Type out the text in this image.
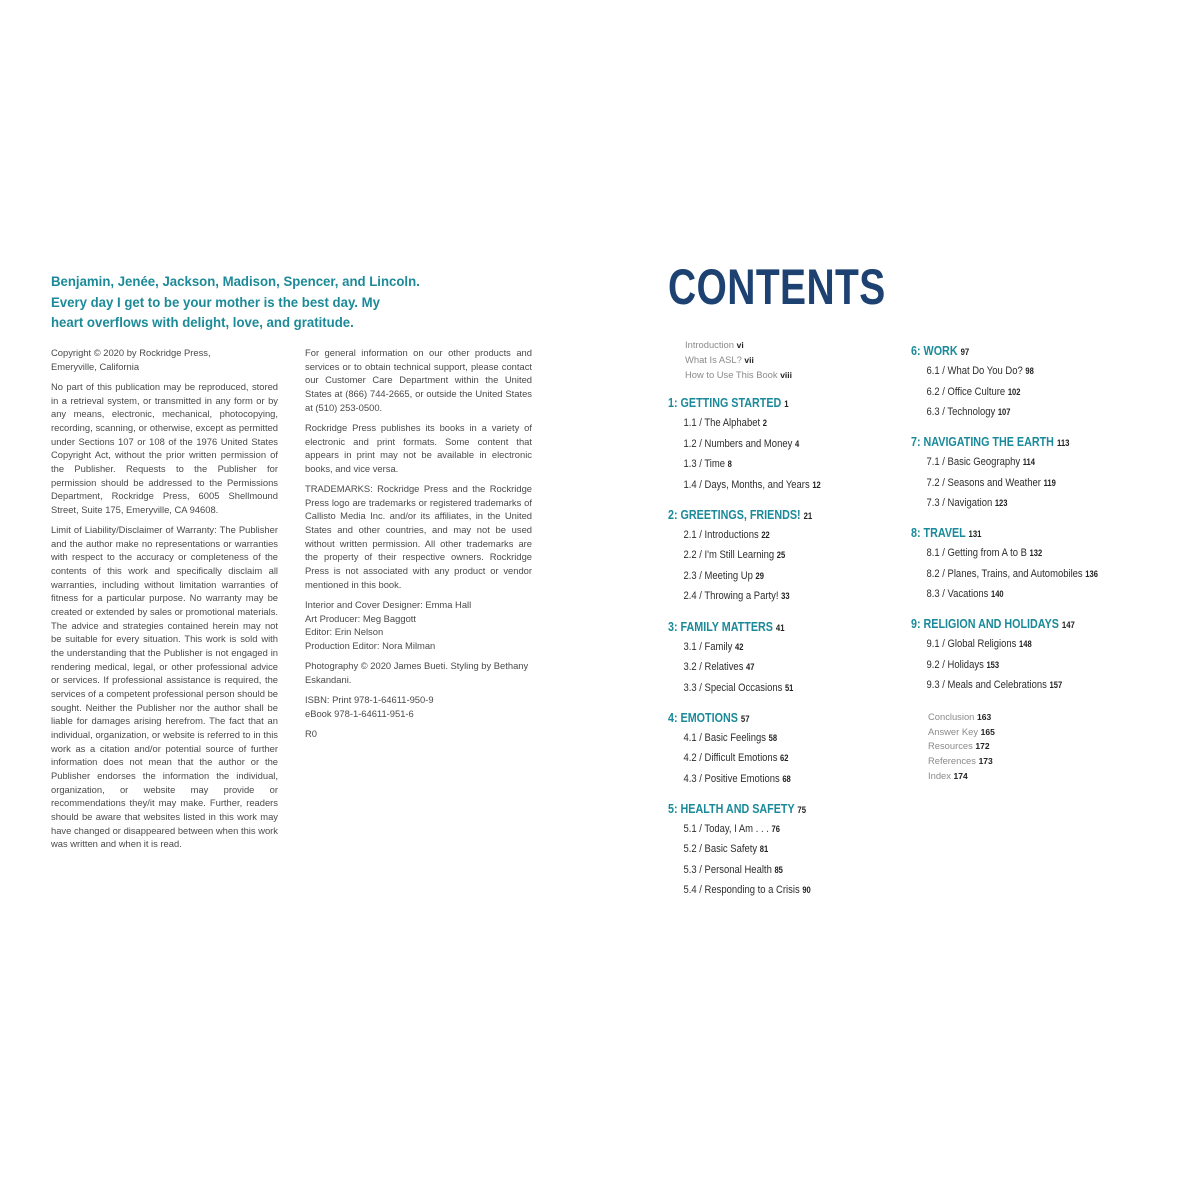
Benjamin, Jenée, Jackson, Madison, Spencer, and Lincoln.
Every day I get to be your mother is the best day. My
heart overflows with delight, love, and gratitude.

Copyright © 2020 by Rockridge Press, Emeryville, California

No part of this publication may be reproduced, stored in a retrieval system, or transmitted in any form or by any means, electronic, mechanical, photocopying, recording, scanning, or otherwise, except as permitted under Sections 107 or 108 of the 1976 United States Copyright Act, without the prior written permission of the Publisher. Requests to the Publisher for permission should be addressed to the Permissions Department, Rockridge Press, 6005 Shellmound Street, Suite 175, Emeryville, CA 94608.

Limit of Liability/Disclaimer of Warranty: The Publisher and the author make no representations or warranties with respect to the accuracy or completeness of the contents of this work and specifically disclaim all warranties, including without limitation warranties of fitness for a particular purpose. No warranty may be created or extended by sales or promotional materials. The advice and strategies contained herein may not be suitable for every situation. This work is sold with the understanding that the Publisher is not engaged in rendering medical, legal, or other professional advice or services. If professional assistance is required, the services of a competent professional person should be sought. Neither the Publisher nor the author shall be liable for damages arising herefrom. The fact that an individual, organization, or website is referred to in this work as a citation and/or potential source of further information does not mean that the author or the Publisher endorses the information the individual, organization, or website may provide or recommendations they/it may make. Further, readers should be aware that websites listed in this work may have changed or disappeared between when this work was written and when it is read.

For general information on our other products and services or to obtain technical support, please contact our Customer Care Department within the United States at (866) 744-2665, or outside the United States at (510) 253-0500.

Rockridge Press publishes its books in a variety of electronic and print formats. Some content that appears in print may not be available in electronic books, and vice versa.

TRADEMARKS: Rockridge Press and the Rockridge Press logo are trademarks or registered trademarks of Callisto Media Inc. and/or its affiliates, in the United States and other countries, and may not be used without written permission. All other trademarks are the property of their respective owners. Rockridge Press is not associated with any product or vendor mentioned in this book.

Interior and Cover Designer: Emma Hall
Art Producer: Meg Baggott
Editor: Erin Nelson
Production Editor: Nora Milman

Photography © 2020 James Bueti. Styling by Bethany Eskandani.

ISBN: Print 978-1-64611-950-9
eBook 978-1-64611-951-6

R0

CONTENTS
Introduction vi
What Is ASL? vii
How to Use This Book viii
1: GETTING STARTED 1
1.1 / The Alphabet 2
1.2 / Numbers and Money 4
1.3 / Time 8
1.4 / Days, Months, and Years 12
2: GREETINGS, FRIENDS! 21
2.1 / Introductions 22
2.2 / I'm Still Learning 25
2.3 / Meeting Up 29
2.4 / Throwing a Party! 33
3: FAMILY MATTERS 41
3.1 / Family 42
3.2 / Relatives 47
3.3 / Special Occasions 51
4: EMOTIONS 57
4.1 / Basic Feelings 58
4.2 / Difficult Emotions 62
4.3 / Positive Emotions 68
5: HEALTH AND SAFETY 75
5.1 / Today, I Am . . . 76
5.2 / Basic Safety 81
5.3 / Personal Health 85
5.4 / Responding to a Crisis 90
6: WORK 97
6.1 / What Do You Do? 98
6.2 / Office Culture 102
6.3 / Technology 107
7: NAVIGATING THE EARTH 113
7.1 / Basic Geography 114
7.2 / Seasons and Weather 119
7.3 / Navigation 123
8: TRAVEL 131
8.1 / Getting from A to B 132
8.2 / Planes, Trains, and Automobiles 136
8.3 / Vacations 140
9: RELIGION AND HOLIDAYS 147
9.1 / Global Religions 148
9.2 / Holidays 153
9.3 / Meals and Celebrations 157
Conclusion 163
Answer Key 165
Resources 172
References 173
Index 174
